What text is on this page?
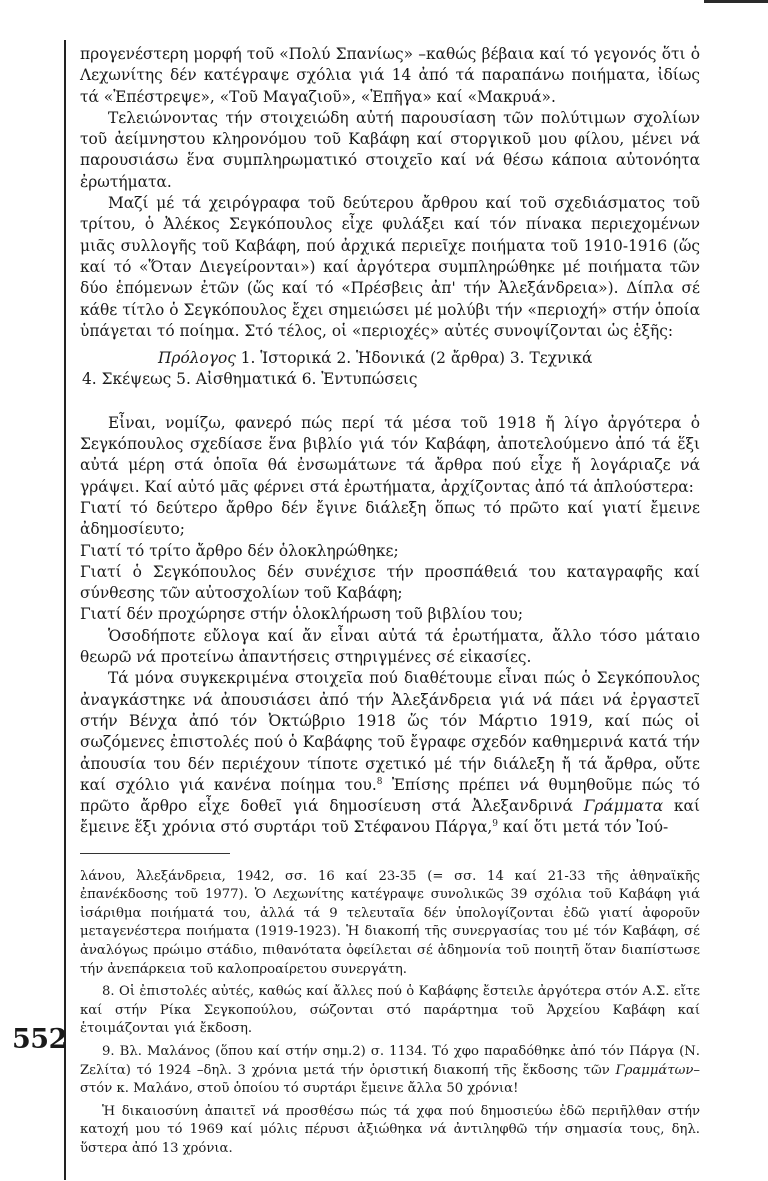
552

προγενέστερη μορφή τοῦ «Πολύ Σπανίως» –καθώς βέβαια καί τό γεγονός ὅτι ὁ Λεχωνίτης δέν κατέγραψε σχόλια γιά 14 ἀπό τά παραπάνω ποιήματα, ἰδίως τά «Ἐπέστρεψε», «Τοῦ Μαγαζιοῦ», «Ἐπῆγα» καί «Μακρυά».

Τελειώνοντας τήν στοιχειώδη αὐτή παρουσίαση τῶν πολύτιμων σχολίων τοῦ ἀείμνηστου κληρονόμου τοῦ Καβάφη καί στοργικοῦ μου φίλου, μένει νά παρουσιάσω ἕνα συμπληρωματικό στοιχεῖο καί νά θέσω κάποια αὐτονόητα ἐρωτήματα.

Μαζί μέ τά χειρόγραφα τοῦ δεύτερου ἄρθρου καί τοῦ σχεδιάσματος τοῦ τρίτου, ὁ Ἀλέκος Σεγκόπουλος εἶχε φυλάξει καί τόν πίνακα περιεχομένων μιᾶς συλλογῆς τοῦ Καβάφη, πού ἀρχικά περιεῖχε ποιήματα τοῦ 1910-1916 (ὥς καί τό «Ὅταν Διεγείρονται») καί ἀργότερα συμπληρώθηκε μέ ποιήματα τῶν δύο ἑπόμενων ἐτῶν (ὥς καί τό «Πρέσβεις ἀπ' τήν Ἀλεξάνδρεια»). Δίπλα σέ κάθε τίτλο ὁ Σεγκόπουλος ἔχει σημειώσει μέ μολύβι τήν «περιοχή» στήν ὁποία ὑπάγεται τό ποίημα. Στό τέλος, οἱ «περιοχές» αὐτές συνοψίζονται ὡς ἑξῆς:

Πρόλογος 1. Ἱστορικά 2. Ἡδονικά (2 ἄρθρα) 3. Τεχνικά
4. Σκέψεως 5. Αἰσθηματικά 6. Ἐντυπώσεις

Εἶναι, νομίζω, φανερό πώς περί τά μέσα τοῦ 1918 ἤ λίγο ἀργότερα ὁ Σεγκόπουλος σχεδίασε ἕνα βιβλίο γιά τόν Καβάφη, ἀποτελούμενο ἀπό τά ἕξι αὐτά μέρη στά ὁποῖα θά ἐνσωμάτωνε τά ἄρθρα πού εἶχε ἤ λογάριαζε νά γράψει. Καί αὐτό μᾶς φέρνει στά ἐρωτήματα, ἀρχίζοντας ἀπό τά ἁπλούστερα:

Γιατί τό δεύτερο ἄρθρο δέν ἔγινε διάλεξη ὅπως τό πρῶτο καί γιατί ἔμεινε ἀδημοσίευτο;

Γιατί τό τρίτο ἄρθρο δέν ὁλοκληρώθηκε;

Γιατί ὁ Σεγκόπουλος δέν συνέχισε τήν προσπάθειά του καταγραφῆς καί σύνθεσης τῶν αὐτοσχολίων τοῦ Καβάφη;

Γιατί δέν προχώρησε στήν ὁλοκλήρωση τοῦ βιβλίου του;

Ὁσοδήποτε εὔλογα καί ἄν εἶναι αὐτά τά ἐρωτήματα, ἄλλο τόσο μάταιο θεωρῶ νά προτείνω ἀπαντήσεις στηριγμένες σέ εἰκασίες.

Τά μόνα συγκεκριμένα στοιχεῖα πού διαθέτουμε εἶναι πώς ὁ Σεγκόπουλος ἀναγκάστηκε νά ἀπουσιάσει ἀπό τήν Ἀλεξάνδρεια γιά νά πάει νά ἐργαστεῖ στήν Βένχα ἀπό τόν Ὀκτώβριο 1918 ὥς τόν Μάρτιο 1919, καί πώς οἱ σωζόμενες ἐπιστολές πού ὁ Καβάφης τοῦ ἔγραφε σχεδόν καθημερινά κατά τήν ἀπουσία του δέν περιέχουν τίποτε σχετικό μέ τήν διάλεξη ἤ τά ἄρθρα, οὔτε καί σχόλιο γιά κανένα ποίημα του.$^8$ Ἐπίσης πρέπει νά θυμηθοῦμε πώς τό πρῶτο ἄρθρο εἶχε δοθεῖ γιά δημοσίευση στά Ἀλεξανδρινά Γράμματα καί ἔμεινε ἕξι χρόνια στό συρτάρι τοῦ Στέφανου Πάργα,$^9$ καί ὅτι μετά τόν Ἰού-

λάνου, Ἀλεξάνδρεια, 1942, σσ. 16 καί 23-35 (= σσ. 14 καί 21-33 τῆς ἀθηναϊκῆς ἐπανέκδοσης τοῦ 1977). Ὁ Λεχωνίτης κατέγραψε συνολικῶς 39 σχόλια τοῦ Καβάφη γιά ἰσάριθμα ποιήματά του, ἀλλά τά 9 τελευταῖα δέν ὑπολογίζονται ἐδῶ γιατί ἀφοροῦν μεταγενέστερα ποιήματα (1919-1923). Ἡ διακοπή τῆς συνεργασίας του μέ τόν Καβάφη, σέ ἀναλόγως πρώιμο στάδιο, πιθανότατα ὀφείλεται σέ ἀδημονία τοῦ ποιητῆ ὅταν διαπίστωσε τήν ἀνεπάρκεια τοῦ καλοπροαίρετου συνεργάτη.

8. Οἱ ἐπιστολές αὐτές, καθώς καί ἄλλες πού ὁ Καβάφης ἔστειλε ἀργότερα στόν Α.Σ. εἴτε καί στήν Ρίκα Σεγκοπούλου, σώζονται στό παράρτημα τοῦ Ἀρχείου Καβάφη καί ἑτοιμάζονται γιά ἔκδοση.

9. Βλ. Μαλάνος (ὅπου καί στήν σημ.2) σ. 1134. Τό χφο παραδόθηκε ἀπό τόν Πάργα (Ν. Ζελίτα) τό 1924 –δηλ. 3 χρόνια μετά τήν ὁριστική διακοπή τῆς ἔκδοσης τῶν Γραμμάτων– στόν κ. Μαλάνο, στοῦ ὁποίου τό συρτάρι ἔμεινε ἄλλα 50 χρόνια!

Ἡ δικαιοσύνη ἀπαιτεῖ νά προσθέσω πώς τά χφα πού δημοσιεύω ἐδῶ περιῆλθαν στήν κατοχή μου τό 1969 καί μόλις πέρυσι ἀξιώθηκα νά ἀντιληφθῶ τήν σημασία τους, δηλ. ὕστερα ἀπό 13 χρόνια.
